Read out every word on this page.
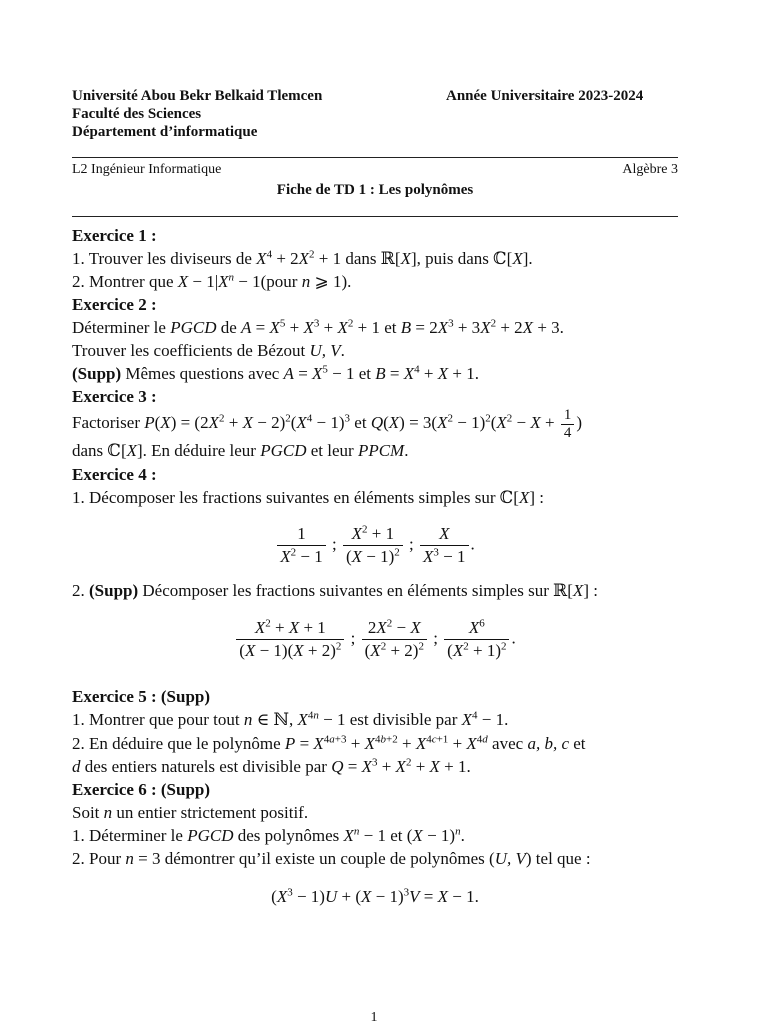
Université Abou Bekr Belkaid Tlemcen
Faculté des Sciences
Département d’informatique
Année Universitaire 2023-2024
L2 Ingénieur Informatique	Algèbre 3
Fiche de TD 1 : Les polynômes
Exercice 1 :
1. Trouver les diviseurs de $X^4 + 2X^2 + 1$ dans ℝ[X], puis dans ℂ[X].
2. Montrer que $X - 1|X^n$ − 1(pour n ⩾ 1).
Exercice 2 :
Déterminer le PGCD de $A = X^5 + X^3 + X^2 + 1$ et $B = 2X^3 + 3X^2 + 2X + 3$.
Trouver les coefficients de Bézout U, V.
(Supp) Mêmes questions avec $A = X^5 - 1$ et $B = X^4 + X + 1$.
Exercice 3 :
Factoriser $P(X) = (2X^2 + X - 2)^2(X^4 - 1)^3$ et $Q(X) = 3(X^2 - 1)^2(X^2 - X + \frac{1}{4}$ )
dans ℂ[X]. En déduire leur PGCD et leur PPCM.
Exercice 4 :
1. Décomposer les fractions suivantes en éléments simples sur ℂ[X] :
$\frac{1}{X^2 - 1}$ ; $\frac{X^2 + 1}{(X - 1)^2}$ ; $\frac{X}{X^3 - 1}$ .
2. (Supp) Décomposer les fractions suivantes en éléments simples sur ℝ[X] :
$\frac{X^2 + X + 1}{(X - 1)(X + 2)^2}$ ; $\frac{2X^2 - X}{(X^2 + 2)^2}$ ; $\frac{X^6}{(X^2 + 1)^2}$ .
Exercice 5 : (Supp)
1. Montrer que pour tout n ∈ ℕ, $X^{4n} - 1$ est divisible par $X^4 - 1$.
2. En déduire que le polynôme $P = X^{4a+3} + X^{4b+2} + X^{4c+1} + X^{4d}$ avec a, b, c et
d des entiers naturels est divisible par $Q = X^3 + X^2 + X + 1$.
Exercice 6 : (Supp)
Soit n un entier strictement positif.
1. Déterminer le PGCD des polynômes $X^n - 1$ et $(X - 1)^n$.
2. Pour n = 3 démontrer qu’il existe un couple de polynômes (U, V) tel que :
$(X^3 - 1)U + (X - 1)^3V = X - 1$.
1
